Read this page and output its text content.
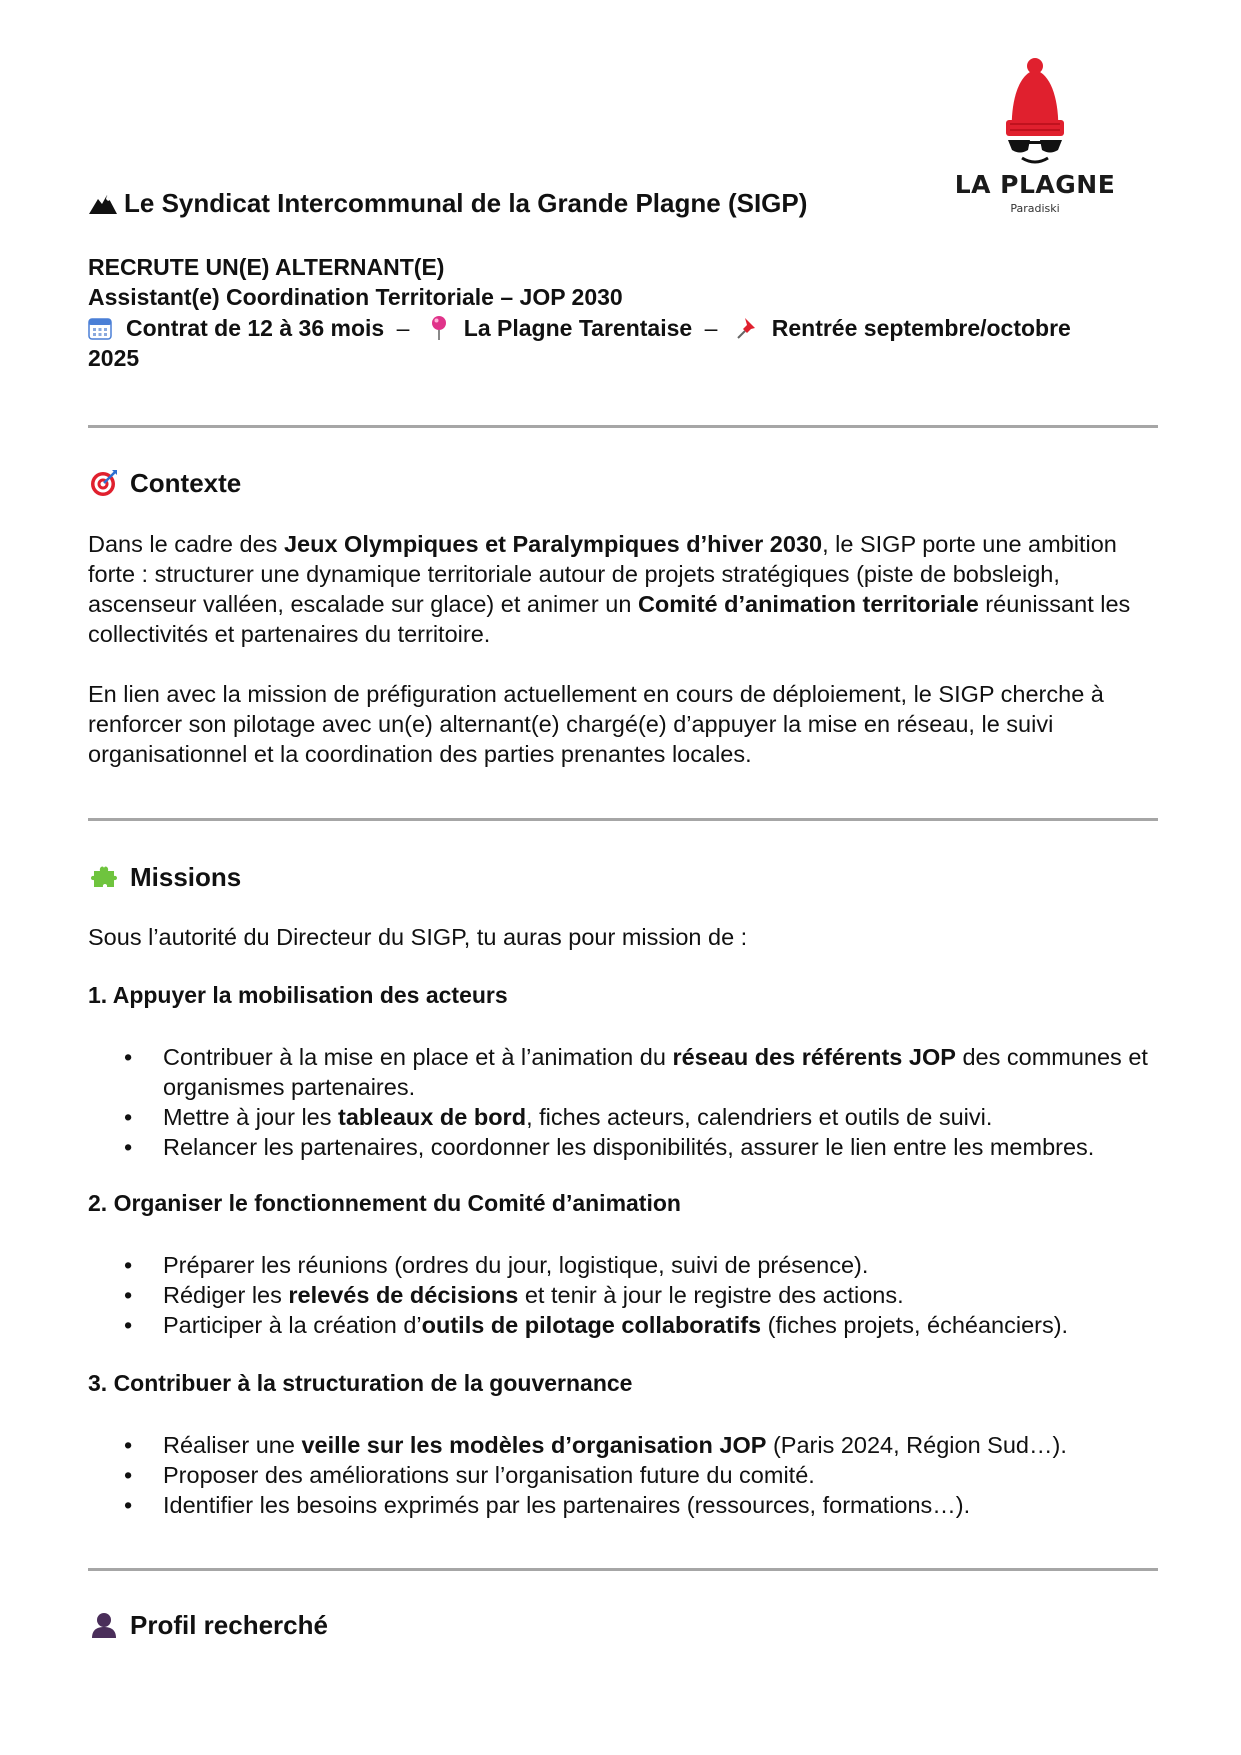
LA PLAGNE
Paradiski
Le Syndicat Intercommunal de la Grande Plagne (SIGP)
RECRUTE UN(E) ALTERNANT(E)
Assistant(e) Coordination Territoriale – JOP 2030
Contrat de 12 à 36 mois – La Plagne Tarentaise – Rentrée septembre/octobre
2025
Contexte
Dans le cadre des Jeux Olympiques et Paralympiques d’hiver 2030, le SIGP porte une ambition forte : structurer une dynamique territoriale autour de projets stratégiques (piste de bobsleigh, ascenseur valléen, escalade sur glace) et animer un Comité d’animation territoriale réunissant les collectivités et partenaires du territoire.
En lien avec la mission de préfiguration actuellement en cours de déploiement, le SIGP cherche à renforcer son pilotage avec un(e) alternant(e) chargé(e) d’appuyer la mise en réseau, le suivi organisationnel et la coordination des parties prenantes locales.
Missions
Sous l’autorité du Directeur du SIGP, tu auras pour mission de :
1. Appuyer la mobilisation des acteurs
• Contribuer à la mise en place et à l’animation du réseau des référents JOP des communes et organismes partenaires.
• Mettre à jour les tableaux de bord, fiches acteurs, calendriers et outils de suivi.
• Relancer les partenaires, coordonner les disponibilités, assurer le lien entre les membres.
2. Organiser le fonctionnement du Comité d’animation
• Préparer les réunions (ordres du jour, logistique, suivi de présence).
• Rédiger les relevés de décisions et tenir à jour le registre des actions.
• Participer à la création d’outils de pilotage collaboratifs (fiches projets, échéanciers).
3. Contribuer à la structuration de la gouvernance
• Réaliser une veille sur les modèles d’organisation JOP (Paris 2024, Région Sud…).
• Proposer des améliorations sur l’organisation future du comité.
• Identifier les besoins exprimés par les partenaires (ressources, formations…).
Profil recherché
